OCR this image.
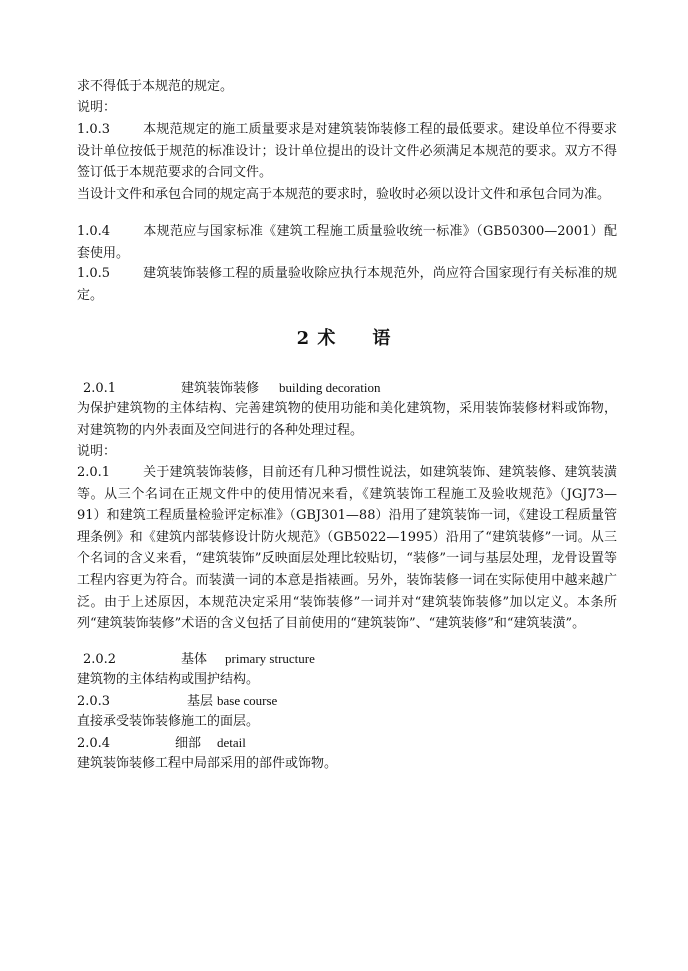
求不得低于本规范的规定。

说明：

1.0.3	本规范规定的施工质量要求是对建筑装饰装修工程的最低要求。建设单位不得要求设计单位按低于规范的标准设计；设计单位提出的设计文件必须满足本规范的要求。双方不得签订低于本规范要求的合同文件。

当设计文件和承包合同的规定高于本规范的要求时，验收时必须以设计文件和承包合同为准。

1.0.4	本规范应与国家标准《建筑工程施工质量验收统一标准》（GB50300—2001）配套使用。

1.0.5	建筑装饰装修工程的质量验收除应执行本规范外，尚应符合国家现行有关标准的规定。

2 术 语
2.0.1	建筑装饰装修 building decoration

为保护建筑物的主体结构、完善建筑物的使用功能和美化建筑物，采用装饰装修材料或饰物，对建筑物的内外表面及空间进行的各种处理过程。

说明：

2.0.1	关于建筑装饰装修，目前还有几种习惯性说法，如建筑装饰、建筑装修、建筑装潢等。从三个名词在正规文件中的使用情况来看，《建筑装饰工程施工及验收规范》（JGJ73—91）和建筑工程质量检验评定标准》（GBJ301—88）沿用了建筑装饰一词，《建设工程质量管理条例》和《建筑内部装修设计防火规范》（GB5022—1995）沿用了“建筑装修”一词。从三个名词的含义来看，“建筑装饰”反映面层处理比较贴切，“装修”一词与基层处理，龙骨设置等工程内容更为符合。而装潢一词的本意是指裱画。另外，装饰装修一词在实际使用中越来越广泛。由于上述原因，本规范决定采用“装饰装修”一词并对“建筑装饰装修”加以定义。本条所列“建筑装饰装修”术语的含义包括了目前使用的“建筑装饰”、“建筑装修”和“建筑装潢”。

2.0.2	基体 primary structure

建筑物的主体结构或围护结构。

2.0.3	基层 base course

直接承受装饰装修施工的面层。

2.0.4	细部 detail

建筑装饰装修工程中局部采用的部件或饰物。
